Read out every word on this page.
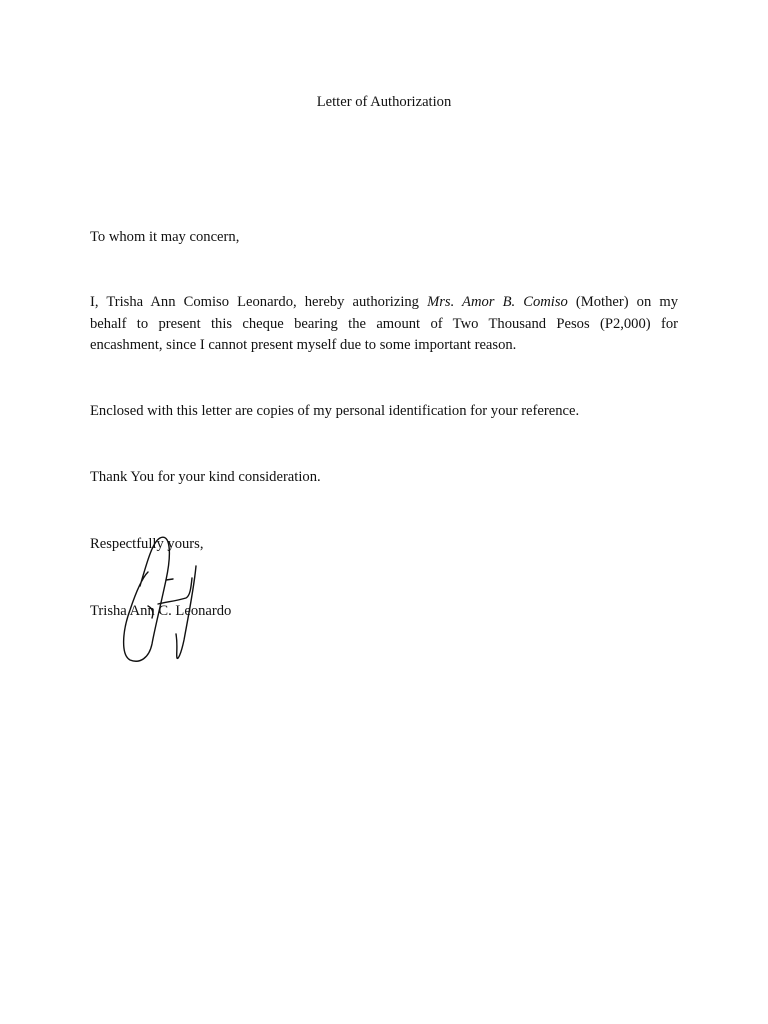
Letter of Authorization
To whom it may concern,
I, Trisha Ann Comiso Leonardo, hereby authorizing Mrs. Amor B. Comiso (Mother) on my
behalf to present this cheque bearing the amount of Two Thousand Pesos (P2,000) for
encashment, since I cannot present myself due to some important reason.
Enclosed with this letter are copies of my personal identification for your reference.
Thank You for your kind consideration.
Respectfully yours,
Trisha Ann C. Leonardo
